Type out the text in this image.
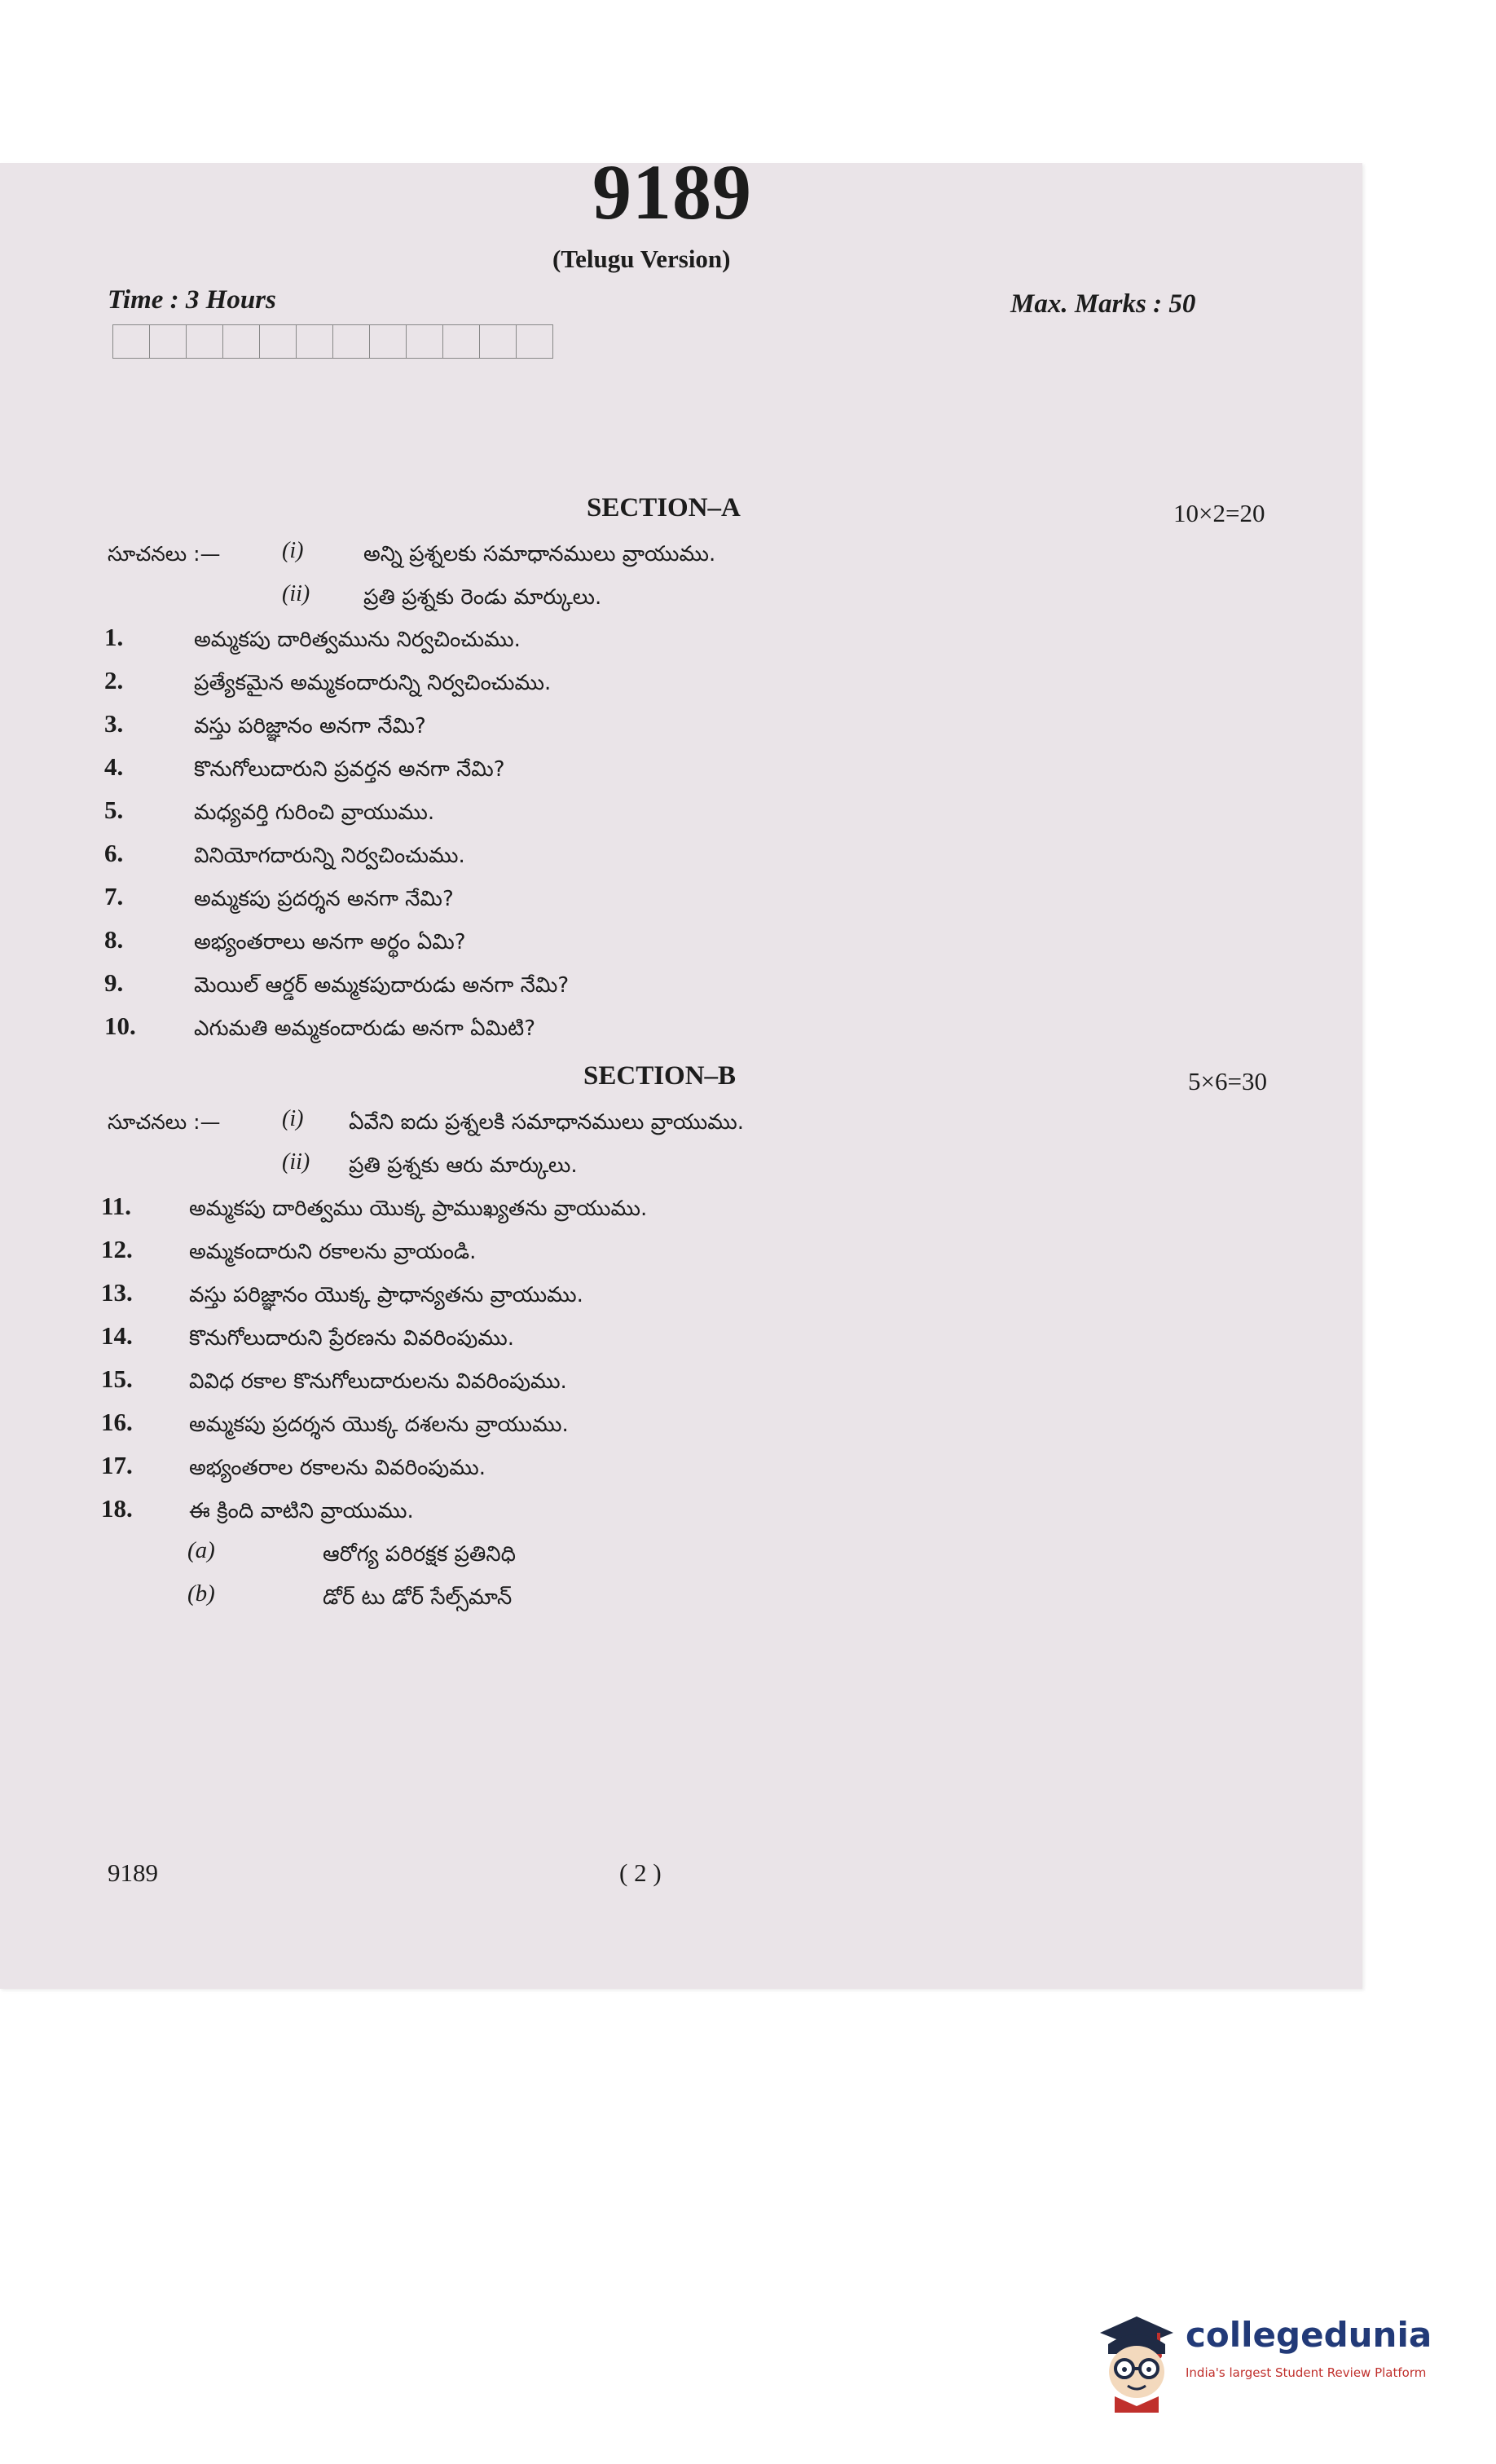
9189
(Telugu Version)
Time : 3 Hours	Max. Marks : 50
SECTION–A	10×2=20
సూచనలు :—	(i)	అన్ని ప్రశ్నలకు సమాధానములు వ్రాయుము.
(ii)	ప్రతి ప్రశ్నకు రెండు మార్కులు.
1.	అమ్మకపు దారిత్వమును నిర్వచించుము.
2.	ప్రత్యేకమైన అమ్మకందారున్ని నిర్వచించుము.
3.	వస్తు పరిజ్ఞానం అనగా నేమి?
4.	కొనుగోలుదారుని ప్రవర్తన అనగా నేమి?
5.	మధ్యవర్తి గురించి వ్రాయుము.
6.	వినియోగదారున్ని నిర్వచించుము.
7.	అమ్మకపు ప్రదర్శన అనగా నేమి?
8.	అభ్యంతరాలు అనగా అర్థం ఏమి?
9.	మెయిల్ ఆర్డర్ అమ్మకపుదారుడు అనగా నేమి?
10.	ఎగుమతి అమ్మకందారుడు అనగా ఏమిటి?
SECTION–B	5×6=30
సూచనలు :—	(i) ఏవేని ఐదు ప్రశ్నలకి సమాధానములు వ్రాయుము.
(ii) ప్రతి ప్రశ్నకు ఆరు మార్కులు.
11.	అమ్మకపు దారిత్వము యొక్క ప్రాముఖ్యతను వ్రాయుము.
12.	అమ్మకందారుని రకాలను వ్రాయండి.
13.	వస్తు పరిజ్ఞానం యొక్క ప్రాధాన్యతను వ్రాయుము.
14.	కొనుగోలుదారుని ప్రేరణను వివరింపుము.
15.	వివిధ రకాల కొనుగోలుదారులను వివరింపుము.
16.	అమ్మకపు ప్రదర్శన యొక్క దశలను వ్రాయుము.
17.	అభ్యంతరాల రకాలను వివరింపుము.
18.	ఈ క్రింది వాటిని వ్రాయుము.
(a)	ఆరోగ్య పరిరక్షక ప్రతినిధి
(b)	డోర్ టు డోర్ సేల్స్‌మాన్
9189	( 2 )
collegedunia
India's largest Student Review Platform
